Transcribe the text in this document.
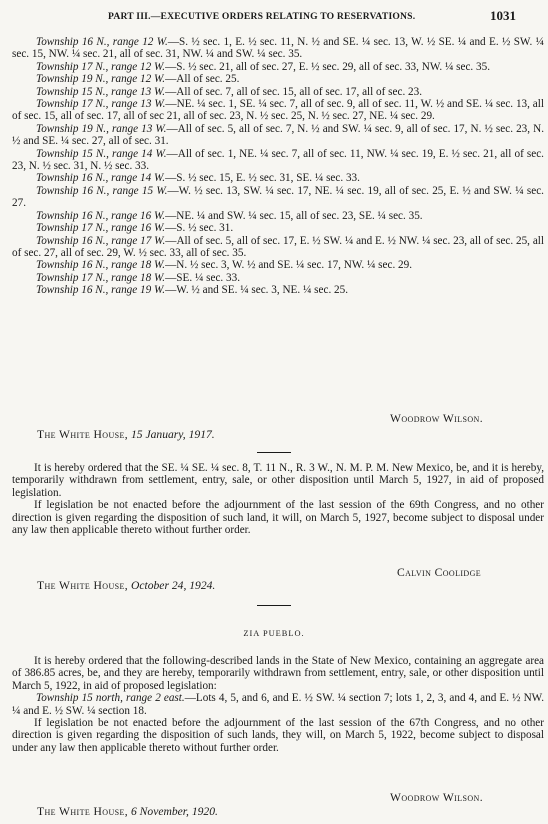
PART III.—EXECUTIVE ORDERS RELATING TO RESERVATIONS.	1031

Township 16 N., range 12 W.—S. ½ sec. 1, E. ½ sec. 11, N. ½ and SE. ¼ sec. 13, W. ½ SE. ¼ and E. ½ SW. ¼ sec. 15, NW. ¼ sec. 21, all of sec. 31, NW. ¼ and SW. ¼ sec. 35.

Township 17 N., range 12 W.—S. ½ sec. 21, all of sec. 27, E. ½ sec. 29, all of sec. 33, NW. ¼ sec. 35.

Township 19 N., range 12 W.—All of sec. 25.

Township 15 N., range 13 W.—All of sec. 7, all of sec. 15, all of sec. 17, all of sec. 23.

Township 17 N., range 13 W.—NE. ¼ sec. 1, SE. ¼ sec. 7, all of sec. 9, all of sec. 11, W. ½ and SE. ¼ sec. 13, all of sec. 15, all of sec. 17, all of sec 21, all of sec. 23, N. ½ sec. 25, N. ½ sec. 27, NE. ¼ sec. 29.

Township 19 N., range 13 W.—All of sec. 5, all of sec. 7, N. ½ and SW. ¼ sec. 9, all of sec. 17, N. ½ sec. 23, N. ½ and SE. ¼ sec. 27, all of sec. 31.

Township 15 N., range 14 W.—All of sec. 1, NE. ¼ sec. 7, all of sec. 11, NW. ¼ sec. 19, E. ½ sec. 21, all of sec. 23, N. ½ sec. 31, N. ½ sec. 33.

Township 16 N., range 14 W.—S. ½ sec. 15, E. ½ sec. 31, SE. ¼ sec. 33.

Township 16 N., range 15 W.—W. ½ sec. 13, SW. ¼ sec. 17, NE. ¼ sec. 19, all of sec. 25, E. ½ and SW. ¼ sec. 27.

Township 16 N., range 16 W.—NE. ¼ and SW. ¼ sec. 15, all of sec. 23, SE. ¼ sec. 35.

Township 17 N., range 16 W.—S. ½ sec. 31.

Township 16 N., range 17 W.—All of sec. 5, all of sec. 17, E. ½ SW. ¼ and E. ½ NW. ¼ sec. 23, all of sec. 25, all of sec. 27, all of sec. 29, W. ½ sec. 33, all of sec. 35.

Township 16 N., range 18 W.—N. ½ sec. 3, W. ½ and SE. ¼ sec. 17, NW. ¼ sec. 29.

Township 17 N., range 18 W.—SE. ¼ sec. 33.

Township 16 N., range 19 W.—W. ½ and SE. ¼ sec. 3, NE. ¼ sec. 25.

Woodrow Wilson.
The White House, 15 January, 1917.

It is hereby ordered that the SE. ¼ SE. ¼ sec. 8, T. 11 N., R. 3 W., N. M. P. M. New Mexico, be, and it is hereby, temporarily withdrawn from settlement, entry, sale, or other disposition until March 5, 1927, in aid of proposed legislation.

If legislation be not enacted before the adjournment of the last session of the 69th Congress, and no other direction is given regarding the disposition of such land, it will, on March 5, 1927, become subject to disposal under any law then applicable thereto without further order.

Calvin Coolidge
The White House, October 24, 1924.
ZIA PUEBLO.

It is hereby ordered that the following-described lands in the State of New Mexico, containing an aggregate area of 386.85 acres, be, and they are hereby, temporarily withdrawn from settlement, entry, sale, or other disposition until March 5, 1922, in aid of proposed legislation:

Township 15 north, range 2 east.—Lots 4, 5, and 6, and E. ½ SW. ¼ section 7; lots 1, 2, 3, and 4, and E. ½ NW. ¼ and E. ½ SW. ¼ section 18.

If legislation be not enacted before the adjournment of the last session of the 67th Congress, and no other direction is given regarding the disposition of such lands, they will, on March 5, 1922, become subject to disposal under any law then applicable thereto without further order.

Woodrow Wilson.
The White House, 6 November, 1920.
